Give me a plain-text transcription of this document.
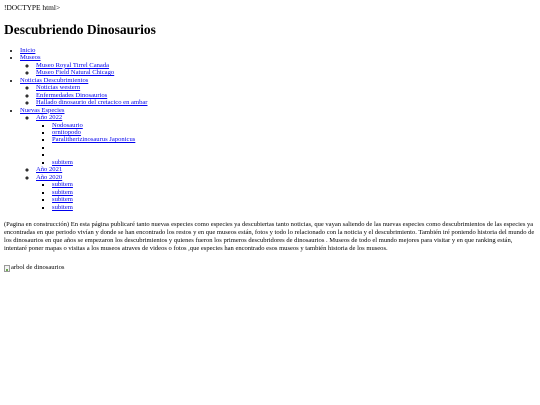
!DOCTYPE html>
Descubriendo Dinosaurios
• Inicio
• Museos
◦ Museo Royal Tirrel Canada
◦ Museo Field Natural Chicago
• Noticias Descubrimientos
◦ Noticias western
◦ Enfermedades Dinosaurios
◦ Hallado dinosaurio del cretacico en ambar
• Nuevas Especies
◦ Año 2022
▪ Nodosaurio
▪ ornitopodo
▪ Paralitherizinosaurus Japonicus
▪
▪
▪ subitem
◦ Año 2021
◦ Año 2020
▪ subitem
▪ subitem
▪ subitem
▪ subitem

(Pagina en construcción) En esta página publicaré tanto nuevas especies como especies ya descubiertas tanto noticias, que vayan saliendo de las nuevas especies como descubrimientos de las especies ya encontradas en que periodo vivían y donde se han encontrado los restos y en que museos están, fotos y todo lo relacionado con la noticia y el descubrimiento. También iré poniendo historia del mundo de los dinosaurios en que años se empezaron los descubrimientos y quienes fueron los primeros descubridores de dinosaurios . Museos de todo el mundo mejores para visitar y en que ranking están, intentaré poner mapas o visitas a los museos atraves de videos o fotos ,que especies han encontrado esos museos y también historia de los museos.

arbol de dinosaurios
